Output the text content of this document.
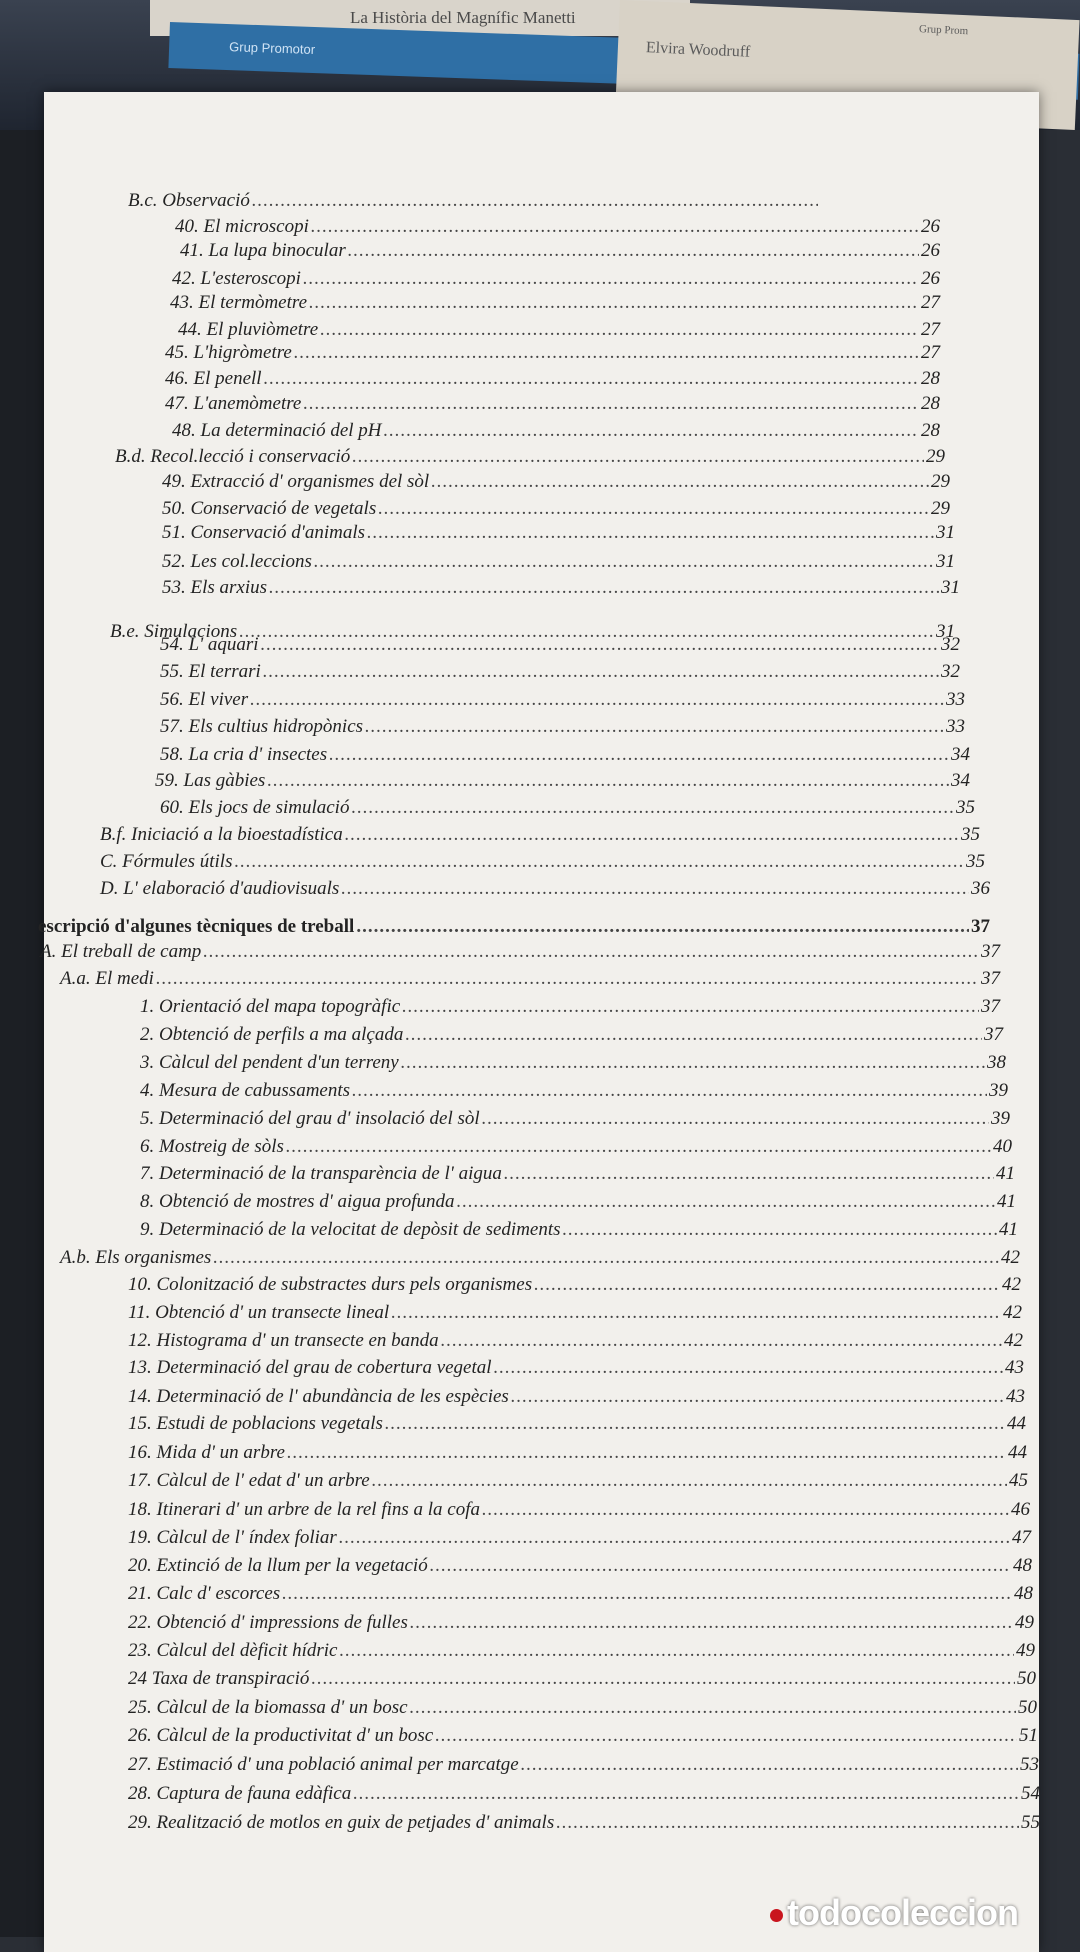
La Història del Magnífic Manetti
Grup Promotor	Elvira Woodruff
Grup Prom
B.c. Observació
.....
40. El microscopi .....	26
41. La lupa binocular .....	26
42. L'esteroscopi .....	26
43. El termòmetre .....	27
44. El pluviòmetre .....	27
45. L'higròmetre .....	27
46. El penell .....	28
47. L'anemòmetre .....	28
48. La determinació del pH .....	28
B.d. Recol.lecció i conservació .....	29
49. Extracció d' organismes del sòl .....	29
50. Conservació de vegetals .....	29
51. Conservació d'animals .....	31
52. Les col.leccions .....	31
53. Els arxius .....	31
B.e. Simulacions .....	31
54. L' aquari .....	32
55. El terrari .....	32
56. El viver .....	33
57. Els cultius hidropònics .....	33
58. La cria d' insectes .....	34
59. Las gàbies .....	34
60. Els jocs de simulació .....	35
B.f. Iniciació a la bioestadística .....	35
C. Fórmules útils .....	35
D. L' elaboració d'audiovisuals .....	36
escripció d'algunes tècniques de treball .....	37
A. El treball de camp .....	37
A.a. El medi .....	37
1. Orientació del mapa topogràfic .....	37
2. Obtenció de perfils a ma alçada .....	37
3. Càlcul del pendent d'un terreny .....	38
4. Mesura de cabussaments .....	39
5. Determinació del grau d' insolació del sòl .....	39
6. Mostreig de sòls .....	40
7. Determinació de la transparència de l' aigua .....	41
8. Obtenció de mostres d' aigua profunda .....	41
9. Determinació de la velocitat de depòsit de sediments .....	41
A.b. Els organismes .....	42
10. Colonització de substractes durs pels organismes .....	42
11. Obtenció d' un transecte lineal .....	42
12. Histograma d' un transecte en banda .....	42
13. Determinació del grau de cobertura vegetal .....	43
14. Determinació de l' abundància de les espècies .....	43
15. Estudi de poblacions vegetals .....	44
16. Mida d' un arbre .....	44
17. Càlcul de l' edat d' un arbre .....	45
18. Itinerari d' un arbre de la rel fins a la cofa .....	46
19. Càlcul de l' índex foliar .....	47
20. Extinció de la llum per la vegetació .....	48
21. Calc d' escorces .....	48
22. Obtenció d' impressions de fulles .....	49
23. Càlcul del dèficit hídric .....	49
24 Taxa de transpiració .....	50
25. Càlcul de la biomassa d' un bosc .....	50
26. Càlcul de la productivitat d' un bosc .....	51
27. Estimació d' una població animal per marcatge .....	53
28. Captura de fauna edàfica .....	54
29. Realització de motlos en guix de petjades d' animals .....	55
todocoleccion
